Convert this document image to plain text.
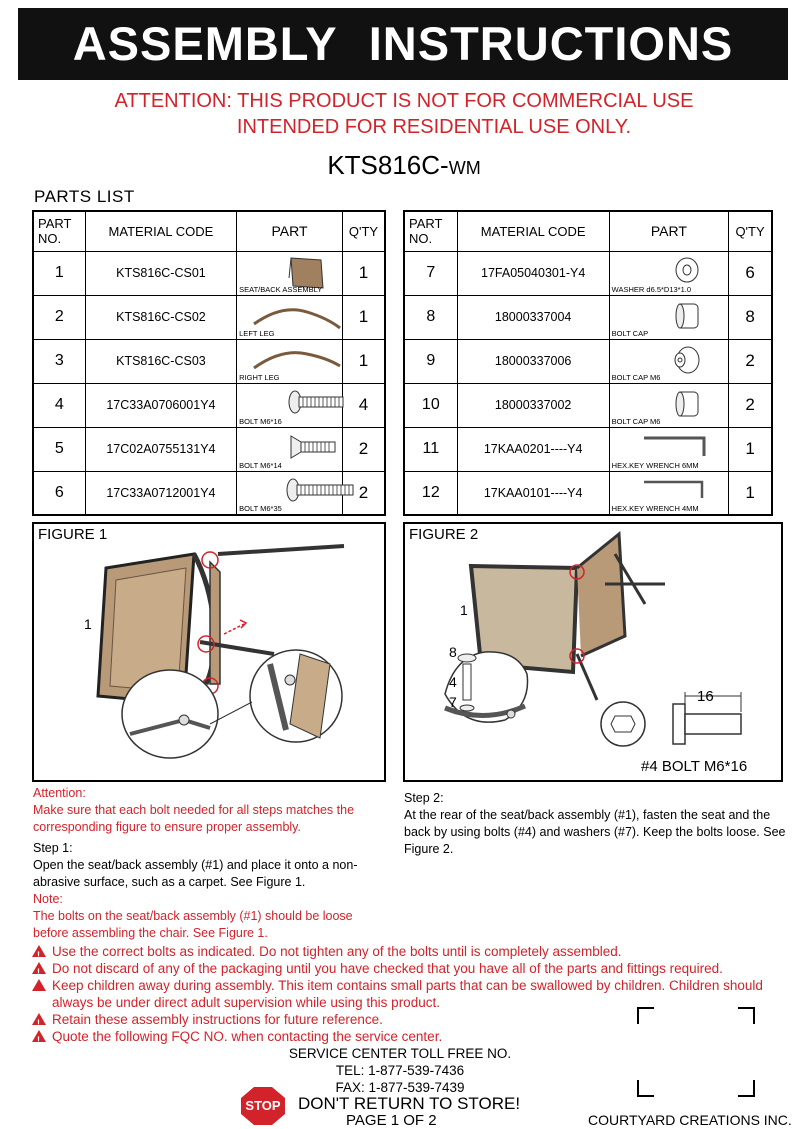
ASSEMBLY INSTRUCTIONS
ATTENTION: THIS PRODUCT IS NOT FOR COMMERCIAL USE
INTENDED FOR RESIDENTIAL USE ONLY.
KTS816C-WM
PARTS LIST
PART NO.	MATERIAL CODE	PART	Q'TY
1	KTS816C-CS01	SEAT/BACK ASSEMBLY	1
2	KTS816C-CS02	LEFT LEG	1
3	KTS816C-CS03	RIGHT LEG	1
4	17C33A0706001Y4	BOLT M6*16	4
5	17C02A0755131Y4	BOLT M6*14	2
6	17C33A0712001Y4	BOLT M6*35	2
PART NO.	MATERIAL CODE	PART	Q'TY
7	17FA05040301-Y4	WASHER d6.5*D13*1.0	6
8	18000337004	BOLT CAP	8
9	18000337006	BOLT CAP M6	2
10	18000337002	BOLT CAP M6	2
11	17KAA0201----Y4	HEX.KEY WRENCH 6MM	1
12	17KAA0101----Y4	HEX.KEY WRENCH 4MM	1
FIGURE 1
1
FIGURE 2
1
8
4
7	16
#4 BOLT M6*16
Attention:
Make sure that each bolt needed for all steps matches the corresponding figure to ensure proper assembly.
Step 1:
Open the seat/back assembly (#1) and place it onto a non-abrasive surface, such as a carpet. See Figure 1.
Note:
The bolts on the seat/back assembly (#1) should be loose before assembling the chair. See Figure 1.
Step 2:
At the rear of the seat/back assembly (#1), fasten the seat and the back by using bolts (#4) and washers (#7). Keep the bolts loose. See Figure 2.
!Use the correct bolts as indicated. Do not tighten any of the bolts until is completely assembled.
!Do not discard of any of the packaging until you have checked that you have all of the parts and fittings required.
!Keep children away during assembly. This item contains small parts that can be swallowed by children. Children should always be under direct adult supervision while using this product.
!Retain these assembly instructions for future reference.
!Quote the following FQC NO. when contacting the service center.
SERVICE CENTER TOLL FREE NO.
TEL: 1-877-539-7436
FAX: 1-877-539-7439
STOP DON'T RETURN TO STORE!
PAGE 1 OF 2	COURTYARD CREATIONS INC.
